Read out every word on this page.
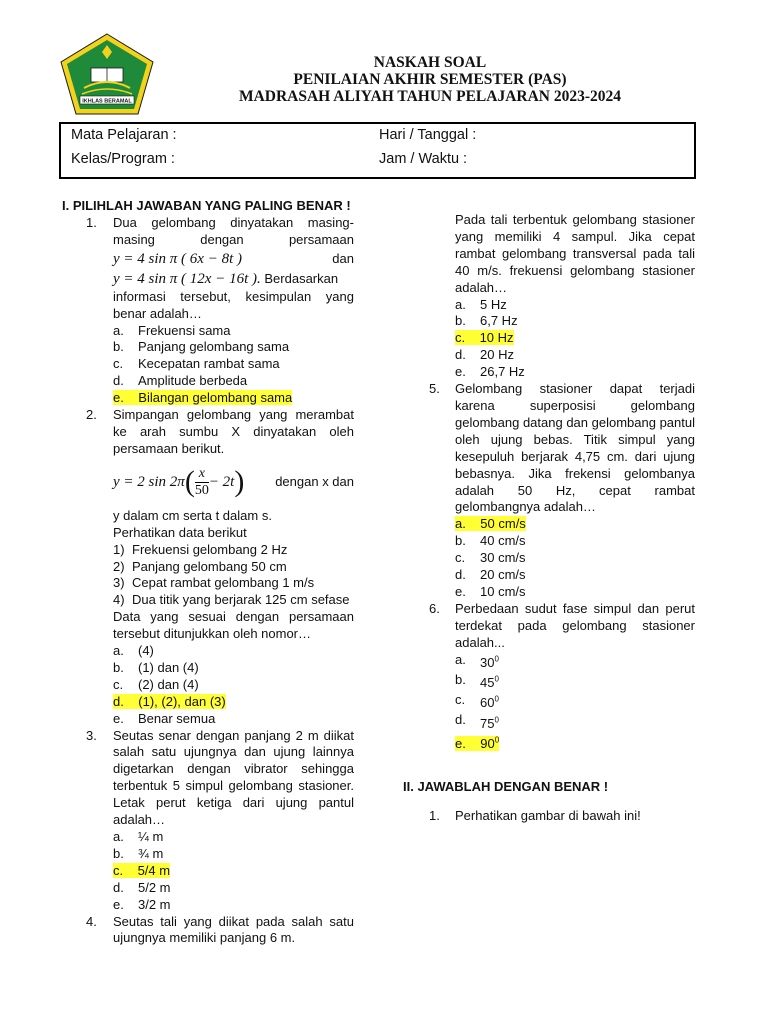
IKHLAS BERAMAL
NASKAH SOAL
PENILAIAN AKHIR SEMESTER (PAS)
MADRASAH ALIYAH TAHUN PELAJARAN 2023-2024
Mata Pelajaran :	Hari / Tanggal :
Kelas/Program :	Jam / Waktu :
I. PILIHLAH JAWABAN YANG PALING BENAR !
1. Dua gelombang dinyatakan masing-
masing	dengan	persamaan
y = 4 sin π ( 6x − 8t )	dan
y = 4 sin π ( 12x − 16t ). Berdasarkan
informasi tersebut, kesimpulan yang benar adalah…
a. Frekuensi sama
b. Panjang gelombang sama
c. Kecepatan rambat sama
d. Amplitude berbeda
e. Bilangan gelombang sama
2. Simpangan gelombang yang merambat ke arah sumbu X dinyatakan oleh persamaan berikut.
y = 2 $\sin 2\pi( \frac{x}{50} - 2t)$ dengan x dan
y dalam cm serta t dalam s.
Perhatikan data berikut
1) Frekuensi gelombang 2 Hz
2) Panjang gelombang 50 cm
3) Cepat rambat gelombang 1 m/s
4) Dua titik yang berjarak 125 cm sefase
Data yang sesuai dengan persamaan tersebut ditunjukkan oleh nomor…
a. (4)
b. (1) dan (4)
c. (2) dan (4)
d. (1), (2), dan (3)
e. Benar semua
3. Seutas senar dengan panjang 2 m diikat salah satu ujungnya dan ujung lainnya digetarkan dengan vibrator sehingga terbentuk 5 simpul gelombang stasioner. Letak perut ketiga dari ujung pantul adalah…
a. ¼ m
b. ¾ m
c. 5/4 m
d. 5/2 m
e. 3/2 m
4. Seutas tali yang diikat pada salah satu ujungnya memiliki panjang 6 m.
Pada tali terbentuk gelombang stasioner yang memiliki 4 sampul. Jika cepat rambat gelombang transversal pada tali 40 m/s. frekuensi gelombang stasioner adalah…
a. 5 Hz
b. 6,7 Hz
c. 10 Hz
d. 20 Hz
e. 26,7 Hz
5. Gelombang stasioner dapat terjadi karena superposisi gelombang gelombang datang dan gelombang pantul oleh ujung bebas. Titik simpul yang kesepuluh berjarak 4,75 cm. dari ujung bebasnya. Jika frekensi gelombanya adalah 50 Hz, cepat rambat gelombangnya adalah…
a. 50 cm/s
b. 40 cm/s
c. 30 cm/s
d. 20 cm/s
e. 10 cm/s
6. Perbedaan sudut fase simpul dan perut terdekat pada gelombang stasioner adalah...
a. $30^0$
b. $45^0$
c. $60^0$
d. $75^0$
e. $90^0$
II. JAWABLAH DENGAN BENAR !
1. Perhatikan gambar di bawah ini!
